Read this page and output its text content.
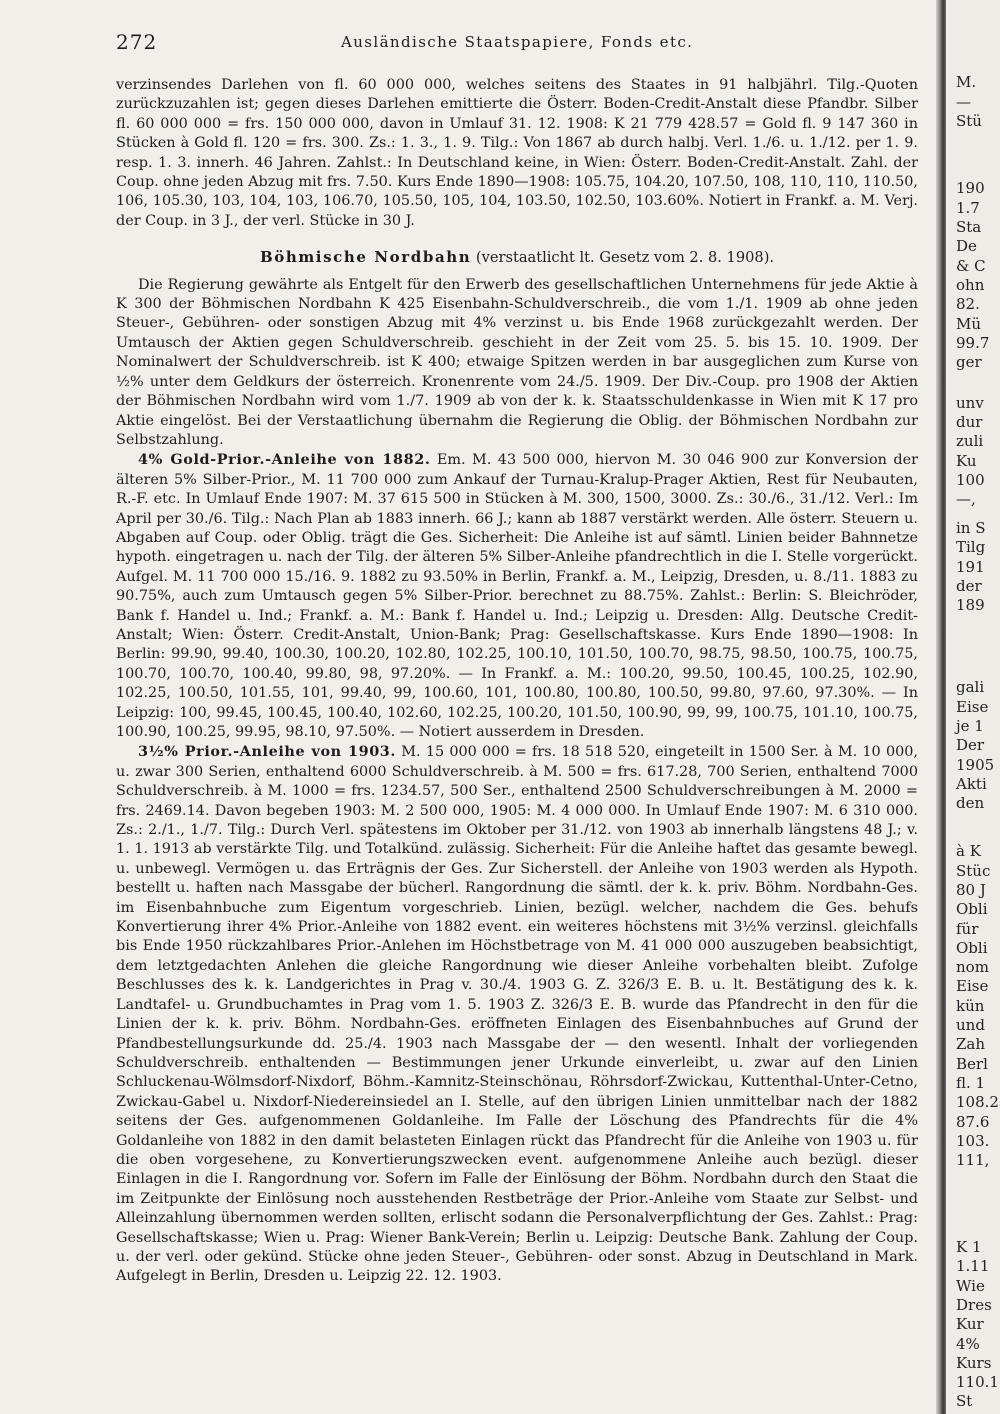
272	Ausländische Staatspapiere, Fonds etc.

verzinsendes Darlehen von fl. 60 000 000, welches seitens des Staates in 91 halbjährl. Tilg.-Quoten zurückzuzahlen ist; gegen dieses Darlehen emittierte die Österr. Boden-Credit-Anstalt diese Pfandbr. Silber fl. 60 000 000 = frs. 150 000 000, davon in Umlauf 31. 12. 1908: K 21 779 428.57 = Gold fl. 9 147 360 in Stücken à Gold fl. 120 = frs. 300. Zs.: 1. 3., 1. 9. Tilg.: Von 1867 ab durch halbj. Verl. 1./6. u. 1./12. per 1. 9. resp. 1. 3. innerh. 46 Jahren. Zahlst.: In Deutschland keine, in Wien: Österr. Boden-Credit-Anstalt. Zahl. der Coup. ohne jeden Abzug mit frs. 7.50. Kurs Ende 1890—1908: 105.75, 104.20, 107.50, 108, 110, 110, 110.50, 106, 105.30, 103, 104, 103, 106.70, 105.50, 105, 104, 103.50, 102.50, 103.60%. Notiert in Frankf. a. M. Verj. der Coup. in 3 J., der verl. Stücke in 30 J.

Böhmische Nordbahn (verstaatlicht lt. Gesetz vom 2. 8. 1908).

Die Regierung gewährte als Entgelt für den Erwerb des gesellschaftlichen Unternehmens für jede Aktie à K 300 der Böhmischen Nordbahn K 425 Eisenbahn-Schuldverschreib., die vom 1./1. 1909 ab ohne jeden Steuer-, Gebühren- oder sonstigen Abzug mit 4% verzinst u. bis Ende 1968 zurückgezahlt werden. Der Umtausch der Aktien gegen Schuldverschreib. geschieht in der Zeit vom 25. 5. bis 15. 10. 1909. Der Nominalwert der Schuldverschreib. ist K 400; etwaige Spitzen werden in bar ausgeglichen zum Kurse von ½% unter dem Geldkurs der österreich. Kronenrente vom 24./5. 1909. Der Div.-Coup. pro 1908 der Aktien der Böhmischen Nordbahn wird vom 1./7. 1909 ab von der k. k. Staatsschuldenkasse in Wien mit K 17 pro Aktie eingelöst. Bei der Verstaatlichung übernahm die Regierung die Oblig. der Böhmischen Nordbahn zur Selbstzahlung.

4% Gold-Prior.-Anleihe von 1882. Em. M. 43 500 000, hiervon M. 30 046 900 zur Konversion der älteren 5% Silber-Prior., M. 11 700 000 zum Ankauf der Turnau-Kralup-Prager Aktien, Rest für Neubauten, R.-F. etc. In Umlauf Ende 1907: M. 37 615 500 in Stücken à M. 300, 1500, 3000. Zs.: 30./6., 31./12. Verl.: Im April per 30./6. Tilg.: Nach Plan ab 1883 innerh. 66 J.; kann ab 1887 verstärkt werden. Alle österr. Steuern u. Abgaben auf Coup. oder Oblig. trägt die Ges. Sicherheit: Die Anleihe ist auf sämtl. Linien beider Bahnnetze hypoth. eingetragen u. nach der Tilg. der älteren 5% Silber-Anleihe pfandrechtlich in die I. Stelle vorgerückt. Aufgel. M. 11 700 000 15./16. 9. 1882 zu 93.50% in Berlin, Frankf. a. M., Leipzig, Dresden, u. 8./11. 1883 zu 90.75%, auch zum Umtausch gegen 5% Silber-Prior. berechnet zu 88.75%. Zahlst.: Berlin: S. Bleichröder, Bank f. Handel u. Ind.; Frankf. a. M.: Bank f. Handel u. Ind.; Leipzig u. Dresden: Allg. Deutsche Credit-Anstalt; Wien: Österr. Credit-Anstalt, Union-Bank; Prag: Gesellschaftskasse. Kurs Ende 1890—1908: In Berlin: 99.90, 99.40, 100.30, 100.20, 102.80, 102.25, 100.10, 101.50, 100.70, 98.75, 98.50, 100.75, 100.75, 100.70, 100.70, 100.40, 99.80, 98, 97.20%. — In Frankf. a. M.: 100.20, 99.50, 100.45, 100.25, 102.90, 102.25, 100.50, 101.55, 101, 99.40, 99, 100.60, 101, 100.80, 100.80, 100.50, 99.80, 97.60, 97.30%. — In Leipzig: 100, 99.45, 100.45, 100.40, 102.60, 102.25, 100.20, 101.50, 100.90, 99, 99, 100.75, 101.10, 100.75, 100.90, 100.25, 99.95, 98.10, 97.50%. — Notiert ausserdem in Dresden.

3½% Prior.-Anleihe von 1903. M. 15 000 000 = frs. 18 518 520, eingeteilt in 1500 Ser. à M. 10 000, u. zwar 300 Serien, enthaltend 6000 Schuldverschreib. à M. 500 = frs. 617.28, 700 Serien, enthaltend 7000 Schuldverschreib. à M. 1000 = frs. 1234.57, 500 Ser., enthaltend 2500 Schuldverschreibungen à M. 2000 = frs. 2469.14. Davon begeben 1903: M. 2 500 000, 1905: M. 4 000 000. In Umlauf Ende 1907: M. 6 310 000. Zs.: 2./1., 1./7. Tilg.: Durch Verl. spätestens im Oktober per 31./12. von 1903 ab innerhalb längstens 48 J.; v. 1. 1. 1913 ab verstärkte Tilg. und Totalkünd. zulässig. Sicherheit: Für die Anleihe haftet das gesamte bewegl. u. unbewegl. Vermögen u. das Erträgnis der Ges. Zur Sicherstell. der Anleihe von 1903 werden als Hypoth. bestellt u. haften nach Massgabe der bücherl. Rangordnung die sämtl. der k. k. priv. Böhm. Nordbahn-Ges. im Eisenbahnbuche zum Eigentum vorgeschrieb. Linien, bezügl. welcher, nachdem die Ges. behufs Konvertierung ihrer 4% Prior.-Anleihe von 1882 event. ein weiteres höchstens mit 3½% verzinsl. gleichfalls bis Ende 1950 rückzahlbares Prior.-Anlehen im Höchstbetrage von M. 41 000 000 auszugeben beabsichtigt, dem letztgedachten Anlehen die gleiche Rangordnung wie dieser Anleihe vorbehalten bleibt. Zufolge Beschlusses des k. k. Landgerichtes in Prag v. 30./4. 1903 G. Z. 326/3 E. B. u. lt. Bestätigung des k. k. Landtafel- u. Grundbuchamtes in Prag vom 1. 5. 1903 Z. 326/3 E. B. wurde das Pfandrecht in den für die Linien der k. k. priv. Böhm. Nordbahn-Ges. eröffneten Einlagen des Eisenbahnbuches auf Grund der Pfandbestellungsurkunde dd. 25./4. 1903 nach Massgabe der — den wesentl. Inhalt der vorliegenden Schuldverschreib. enthaltenden — Bestimmungen jener Urkunde einverleibt, u. zwar auf den Linien Schluckenau-Wölmsdorf-Nixdorf, Böhm.-Kamnitz-Steinschönau, Röhrsdorf-Zwickau, Kuttenthal-Unter-Cetno, Zwickau-Gabel u. Nixdorf-Niedereinsiedel an I. Stelle, auf den übrigen Linien unmittelbar nach der 1882 seitens der Ges. aufgenommenen Goldanleihe. Im Falle der Löschung des Pfandrechts für die 4% Goldanleihe von 1882 in den damit belasteten Einlagen rückt das Pfandrecht für die Anleihe von 1903 u. für die oben vorgesehene, zu Konvertierungszwecken event. aufgenommene Anleihe auch bezügl. dieser Einlagen in die I. Rangordnung vor. Sofern im Falle der Einlösung der Böhm. Nordbahn durch den Staat die im Zeitpunkte der Einlösung noch ausstehenden Restbeträge der Prior.-Anleihe vom Staate zur Selbst- und Alleinzahlung übernommen werden sollten, erlischt sodann die Personalverpflichtung der Ges. Zahlst.: Prag: Gesellschaftskasse; Wien u. Prag: Wiener Bank-Verein; Berlin u. Leipzig: Deutsche Bank. Zahlung der Coup. u. der verl. oder gekünd. Stücke ohne jeden Steuer-, Gebühren- oder sonst. Abzug in Deutschland in Mark. Aufgelegt in Berlin, Dresden u. Leipzig 22. 12. 1903.

M.
—
Stü
190
1.7
Sta
De
& C
ohn
82.
Mü
99.7
ger
unv
dur
zuli
Ku
100
—,
in S
Tilg
191
der
189
gali
Eise
je 1
Der
1905
Akti
den
à K
Stüc
80 J
Obli
für
Obli
nom
Eise
kün
und
Zah
Berl
fl. 1
108.2
87.6
103.
111,
K 1
1.11
Wie
Dres
Kur
4%
Kurs
110.1
St
